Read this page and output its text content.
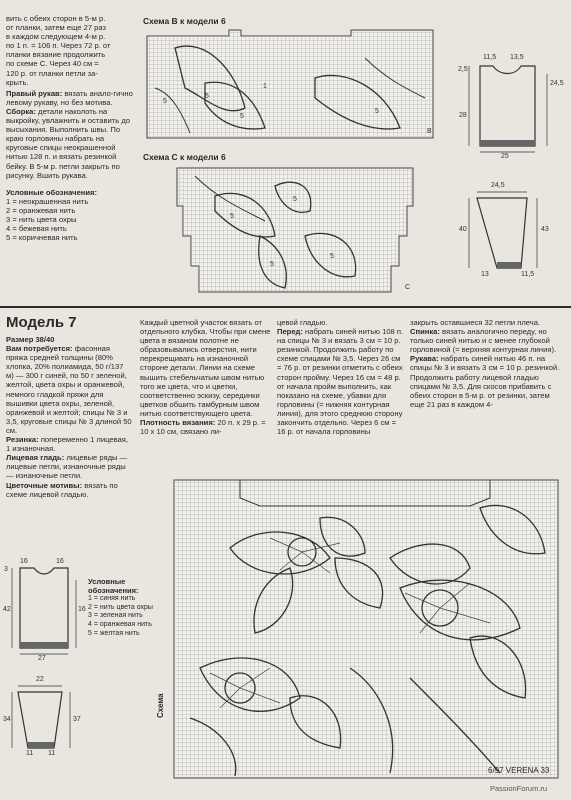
вить с обеих сторон в 5-м р.

от планки, затем еще 27 раз

в каждом следующем 4-м р.

по 1 п. = 106 п. Через 72 р. от

планки вязание продолжить

по схеме C. Через 40 см =

120 р. от планки петли за-

крыть.

Правый рукав: вязать анало-гично левому рукаву, но без мотива.

Сборка: детали наколоть на выкройку, увлажнить и оставить до высыхания. Выполнить швы. По краю горловины набрать на круговые спицы неокрашенной нитью 128 п. и вязать резинкой бейку. В 5-м р. петли закрыть по рисунку. Вшить рукава.

Условные обозначения:

1 = неокрашенная нить

2 = оранжевая нить

3 = нить цвета охры

4 = бежевая нить

5 = коричневая нить

Схема B к модели 6
5
5
5
5
1
B
Схема C к модели 6
5
5
5
5
C
11,5 13,5
2,5
24,5
28
25
24,5
40	43
13	11,5
Модель 7

Размер 38/40

Вам потребуется: фасонная пряжа средней толщины (80% хлопка, 20% полиамида, 50 г/137 м) — 300 г синей, по 50 г зеленой, желтой, цвета охры и оранжевой, немного гладкой пряжи для вышивки цвета охры, зеленой, оранжевой и желтой; спицы № 3 и 3,5, круговые спицы № 3 длиной 50 см.

Резинка: попеременно 1 лицевая, 1 изнаночная.

Лицевая гладь: лицевые ряды — лицевые петли, изнаночные ряды — изнаночные петли.

Цветочные мотивы: вязать по схеме лицевой гладью.

Каждый цветной участок вязать от отдельного клубка. Чтобы при смене цвета в вязаном полотне не образовывались отверстия, нити перекрещивать на изнаночной стороне детали. Линии на схеме вышить стебельчатым швом нитью того же цвета, что и цветки, соответственно эскизу, серединки цветков обшить тамбурным швом нитью соответствующего цвета.

Плотность вязания: 20 п. х 29 р. = 10 х 10 см, связано ли-

цевой гладью.

Перед: набрать синей нитью 108 п. на спицы № 3 и вязать 3 см = 10 р. резинкой. Продолжить работу по схеме спицами № 3,5. Через 26 см = 76 р. от резинки отметить с обеих сторон пройму. Через 16 см = 48 р. от начала пройм выполнить, как показано на схеме, убавки для горловины (= нижняя контурная линия), для этого среднюю сторону закончить отдельно. Через 6 см = 16 р. от начала горловины

закрыть оставшиеся 32 петли плеча.

Спинка: вязать аналогично переду, но только синей нитью и с менее глубокой горловиной (= верхняя контурная линия).

Рукава: набрать синей нитью 46 п. на спицы № 3 и вязать 3 см = 10 р. резинкой. Продолжить работу лицевой гладью спицами № 3,5. Для скосов прибавить с обеих сторон в 5-м р. от резинки, затем еще 21 раз в каждом 4-

16
3
16
42	16
27

Условные обозначения:

1 = синяя нить

2 = нить цвета охры

3 = зеленая нить

4 = оранжевая нить

5 = желтая нить

22
34	37
11 11
Схема
6/97 VERENA 33
PassionForum.ru
